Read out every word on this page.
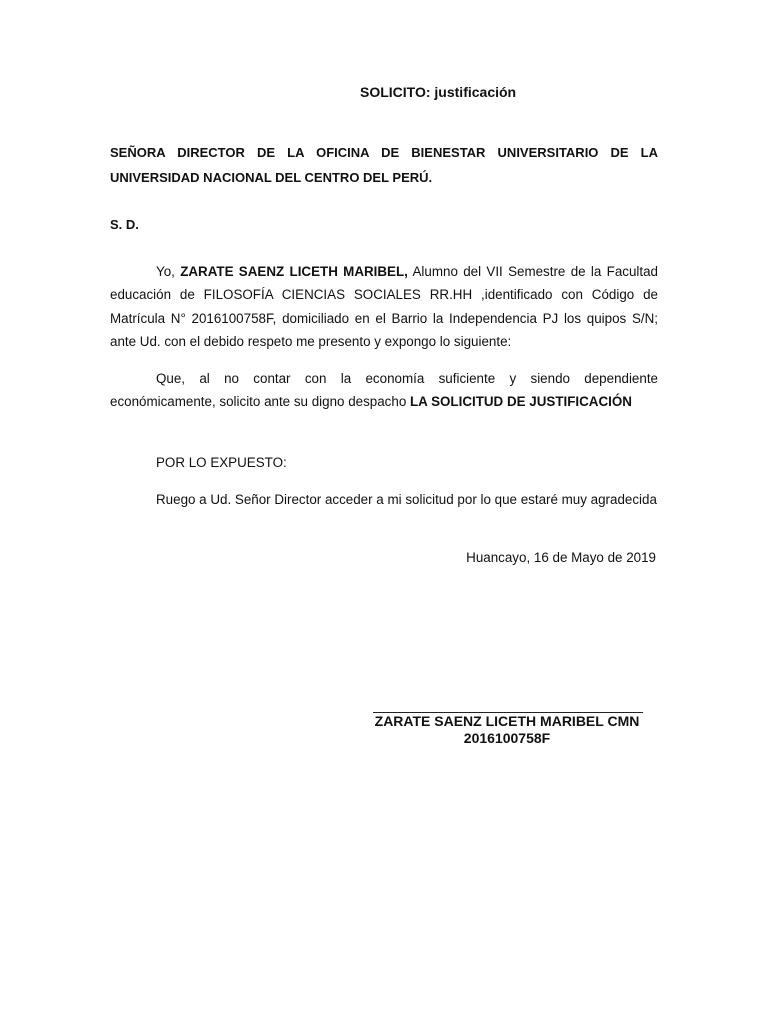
SOLICITO: justificación
SEÑORA DIRECTOR DE LA OFICINA DE BIENESTAR UNIVERSITARIO DE LA UNIVERSIDAD NACIONAL DEL CENTRO DEL PERÚ.
S. D.
Yo, ZARATE SAENZ LICETH MARIBEL, Alumno del VII Semestre de la Facultad educación de FILOSOFÍA CIENCIAS SOCIALES RR.HH ,identificado con Código de Matrícula N° 2016100758F, domiciliado en el Barrio la Independencia PJ los quipos S/N; ante Ud. con el debido respeto me presento y expongo lo siguiente:
Que, al no contar con la economía suficiente y siendo dependiente económicamente, solicito ante su digno despacho LA SOLICITUD DE JUSTIFICACIÓN
POR LO EXPUESTO:
Ruego a Ud. Señor Director acceder a mi solicitud por lo que estaré muy agradecida
Huancayo, 16 de Mayo de 2019
ZARATE SAENZ LICETH MARIBEL CMN
2016100758F
